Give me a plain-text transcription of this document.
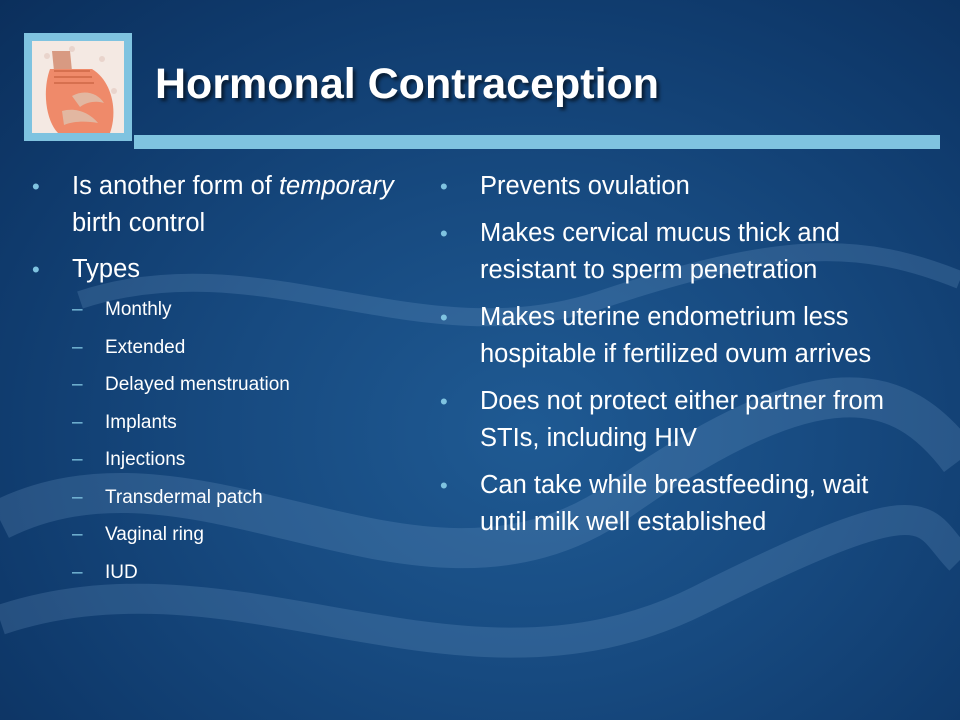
Hormonal Contraception
• Is another form of temporary birth control
• Types
– Monthly
– Extended
– Delayed menstruation
– Implants
– Injections
– Transdermal patch
– Vaginal ring
– IUD
• Prevents ovulation
• Makes cervical mucus thick and resistant to sperm penetration
• Makes uterine endometrium less hospitable if fertilized ovum arrives
• Does not protect either partner from STIs, including HIV
• Can take while breastfeeding, wait until milk well established
